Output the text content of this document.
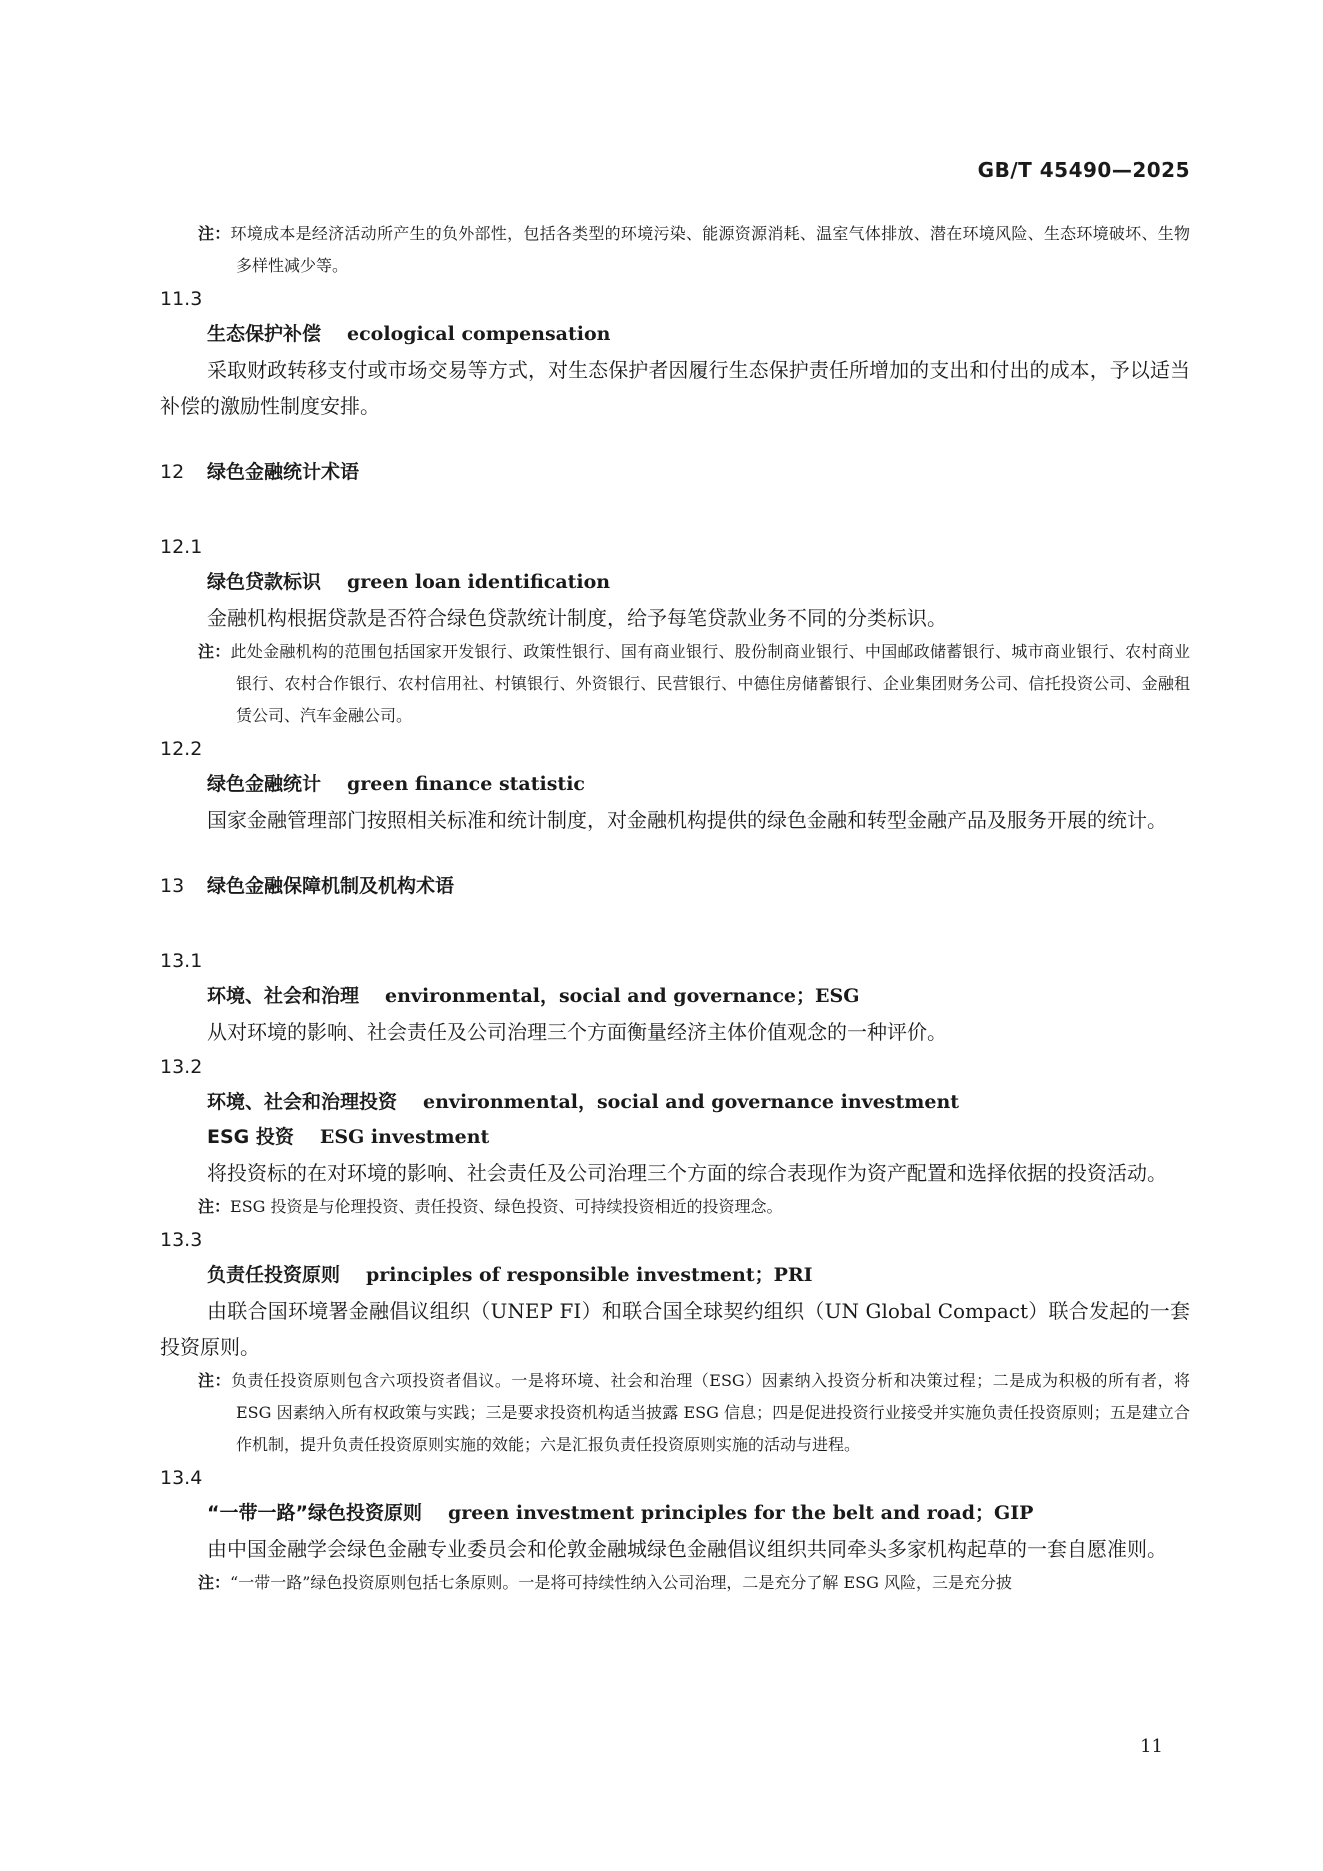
GB/T 45490—2025
注：环境成本是经济活动所产生的负外部性，包括各类型的环境污染、能源资源消耗、温室气体排放、潜在环境风险、生态环境破坏、生物多样性减少等。
11.3
生态保护补偿 ecological compensation
采取财政转移支付或市场交易等方式，对生态保护者因履行生态保护责任所增加的支出和付出的成本，予以适当补偿的激励性制度安排。
12 绿色金融统计术语
12.1
绿色贷款标识 green loan identification
金融机构根据贷款是否符合绿色贷款统计制度，给予每笔贷款业务不同的分类标识。
注：此处金融机构的范围包括国家开发银行、政策性银行、国有商业银行、股份制商业银行、中国邮政储蓄银行、城市商业银行、农村商业银行、农村合作银行、农村信用社、村镇银行、外资银行、民营银行、中德住房储蓄银行、企业集团财务公司、信托投资公司、金融租赁公司、汽车金融公司。
12.2
绿色金融统计 green finance statistic
国家金融管理部门按照相关标准和统计制度，对金融机构提供的绿色金融和转型金融产品及服务开展的统计。
13 绿色金融保障机制及机构术语
13.1
环境、社会和治理 environmental，social and governance；ESG
从对环境的影响、社会责任及公司治理三个方面衡量经济主体价值观念的一种评价。
13.2
环境、社会和治理投资 environmental，social and governance investment
ESG 投资 ESG investment
将投资标的在对环境的影响、社会责任及公司治理三个方面的综合表现作为资产配置和选择依据的投资活动。
注：ESG 投资是与伦理投资、责任投资、绿色投资、可持续投资相近的投资理念。
13.3
负责任投资原则 principles of responsible investment；PRI
由联合国环境署金融倡议组织（UNEP FI）和联合国全球契约组织（UN Global Compact）联合发起的一套投资原则。
注：负责任投资原则包含六项投资者倡议。一是将环境、社会和治理（ESG）因素纳入投资分析和决策过程；二是成为积极的所有者，将 ESG 因素纳入所有权政策与实践；三是要求投资机构适当披露 ESG 信息；四是促进投资行业接受并实施负责任投资原则；五是建立合作机制，提升负责任投资原则实施的效能；六是汇报负责任投资原则实施的活动与进程。
13.4
“一带一路”绿色投资原则 green investment principles for the belt and road；GIP
由中国金融学会绿色金融专业委员会和伦敦金融城绿色金融倡议组织共同牵头多家机构起草的一套自愿准则。
注：“一带一路”绿色投资原则包括七条原则。一是将可持续性纳入公司治理，二是充分了解 ESG 风险，三是充分披
11
